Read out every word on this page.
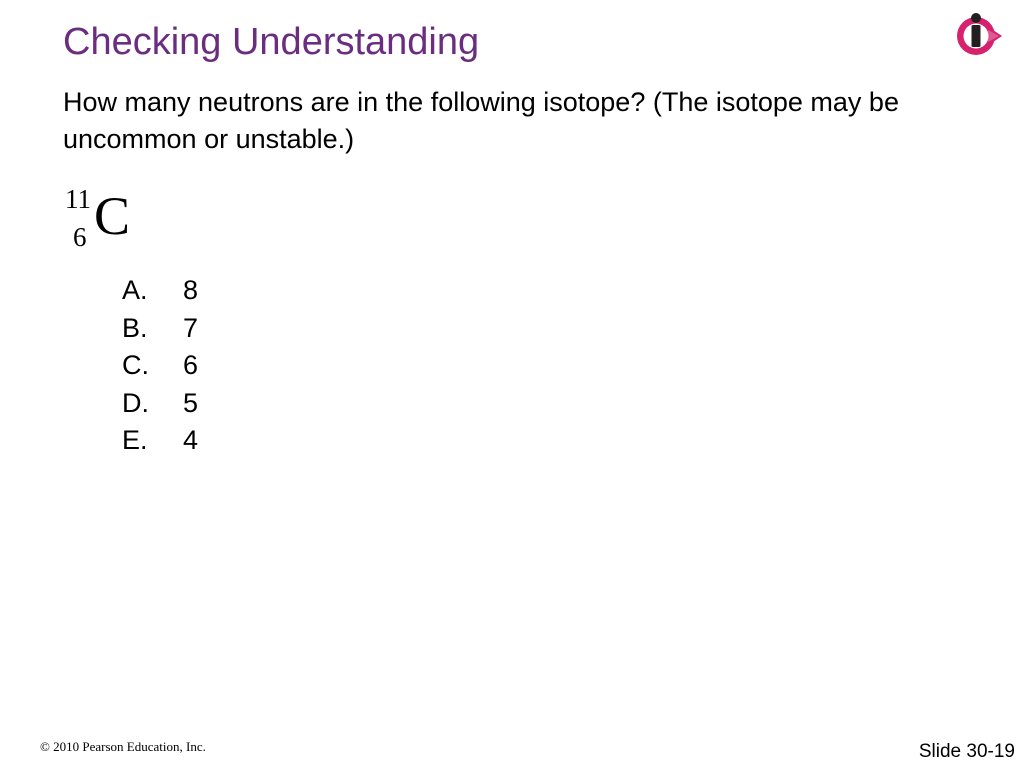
Checking Understanding

How many neutrons are in the following isotope? (The isotope may be uncommon or unstable.)

11
6 C
A.	8
B.	7
C.	6
D.	5
E.	4
© 2010 Pearson Education, Inc.	Slide 30-19
